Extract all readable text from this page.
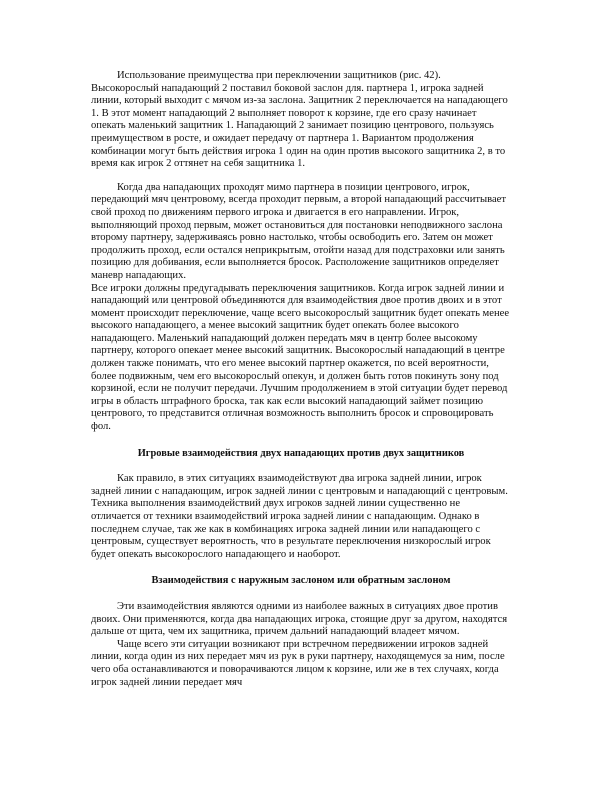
Использование преимущества при переключении защитников (рис. 42). Высокорослый нападающий 2 поставил боковой заслон для. партнера 1, игрока задней линии, который выходит с мячом из-за заслона. Защитник 2 переключается на нападающего 1. В этот момент нападающий 2 выполняет поворот к корзине, где его сразу начинает опекать маленький защитник 1. Нападающий 2 занимает позицию центрового, пользуясь преимуществом в росте, и ожидает передачу от партнера 1. Вариантом продолжения комбинации могут быть действия игрока 1 один на один против высокого защитника 2, в то время как игрок 2 оттянет на себя защитника 1.

Когда два нападающих проходят мимо партнера в позиции центрового, игрок, передающий мяч центровому, всегда проходит первым, а второй нападающий рассчитывает свой проход по движениям первого игрока и двигается в его направлении. Игрок, выполняющий проход первым, может остановиться для постановки неподвижного заслона второму партнеру, задерживаясь ровно настолько, чтобы освободить его. Затем он может продолжить проход, если остался неприкрытым, отойти назад для подстраховки или занять позицию для добивания, если выполняется бросок. Расположение защитников определяет маневр нападающих.

Все игроки должны предугадывать переключения защитников. Когда игрок задней линии и нападающий или центровой объединяются для взаимодействия двое против двоих и в этот момент происходит переключение, чаще всего высокорослый защитник будет опекать менее высокого нападающего, а менее высокий защитник будет опекать более высокого нападающего. Маленький нападающий должен передать мяч в центр более высокому партнеру, которого опекает менее высокий защитник. Высокорослый нападающий в центре должен также понимать, что его менее высокий партнер окажется, по всей вероятности, более подвижным, чем его высокорослый опекун, и должен быть готов покинуть зону под корзиной, если не получит передачи. Лучшим продолжением в этой ситуации будет перевод игры в область штрафного броска, так как если высокий нападающий займет позицию центрового, то представится отличная возможность выполнить бросок и спровоцировать фол.

Игровые взаимодействия двух нападающих против двух защитников

Как правило, в этих ситуациях взаимодействуют два игрока задней линии, игрок задней линии с нападающим, игрок задней линии с центровым и нападающий с центровым. Техника выполнения взаимодействий двух игроков задней линии существенно не отличается от техники взаимодействий игрока задней линии с нападающим. Однако в последнем случае, так же как в комбинациях игрока задней линии или нападающего с центровым, существует вероятность, что в результате переключения низкорослый игрок будет опекать высокорослого нападающего и наоборот.

Взаимодействия с наружным заслоном или обратным заслоном

Эти взаимодействия являются одними из наиболее важных в ситуациях двое против двоих. Они применяются, когда два нападающих игрока, стоящие друг за другом, находятся дальше от щита, чем их защитника, причем дальний нападающий владеет мячом.

Чаще всего эти ситуации возникают при встречном передвижении игроков задней линии, когда один из них передает мяч из рук в руки партнеру, находящемуся за ним, после чего оба останавливаются и поворачиваются лицом к корзине, или же в тех случаях, когда игрок задней линии передает мяч
